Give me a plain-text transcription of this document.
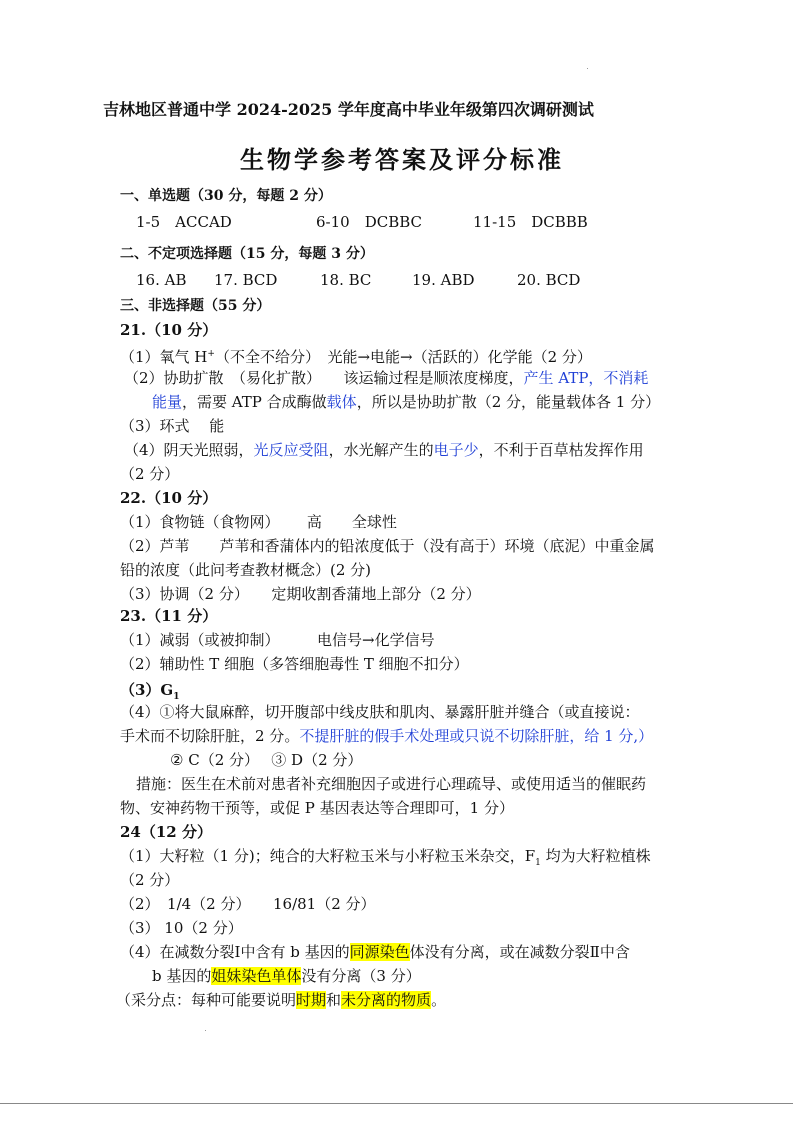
吉林地区普通中学 2024-2025 学年度高中毕业年级第四次调研测试
生物学参考答案及评分标准
一、单选题（30 分，每题 2 分）
1-5　ACCAD	6-10　DCBBC	11-15　DCBBB
二、不定项选择题（15 分，每题 3 分）
16. AB 17. BCD	18. BC	19. ABD	20. BCD
三、非选择题（55 分）
21.（10 分）
（1）氧气 H+（不全不给分）　光能→电能→（活跃的）化学能（2 分）
（2）协助扩散　（易化扩散）　　该运输过程是顺浓度梯度，产生 ATP，不消耗
能量，需要 ATP 合成酶做载体，所以是协助扩散（2 分，能量载体各 1 分）
（3）环式　 能
（4）阴天光照弱，光反应受阻，水光解产生的电子少，不利于百草枯发挥作用
（2 分）
22.（10 分）
（1）食物链（食物网）　　 高　　全球性
（2）芦苇　　芦苇和香蒲体内的铅浓度低于（没有高于）环境（底泥）中重金属
铅的浓度（此问考查教材概念）(2 分)
（3）协调（2 分）　　定期收割香蒲地上部分（2 分）
23.（11 分）
（1）减弱（或被抑制）　　　电信号→化学信号
（2）辅助性 T 细胞（多答细胞毒性 T 细胞不扣分）
$(3)G_1$
（4）①将大鼠麻醉，切开腹部中线皮肤和肌肉、暴露肝脏并缝合（或直接说：
手术而不切除肝脏，2 分。不提肝脏的假手术处理或只说不切除肝脏，给 1 分,）
② C（2 分）　 ③ D（2 分）
措施：医生在术前对患者补充细胞因子或进行心理疏导、或使用适当的催眠药
物、安神药物干预等，或促 P 基因表达等合理即可，1 分）
24（12 分）
（1）大籽粒（1 分)；纯合的大籽粒玉米与小籽粒玉米杂交，$F_1$ 均为大籽粒植株
（2 分）
（2）　1/4（2 分）　　16/81（2 分）
（3） 10（2 分）
（4）在减数分裂Ⅰ中含有 b 基因的同源染色体没有分离，或在减数分裂Ⅱ中含
b 基因的姐妹染色单体没有分离（3 分）
（采分点：每种可能要说明时期和未分离的物质。
